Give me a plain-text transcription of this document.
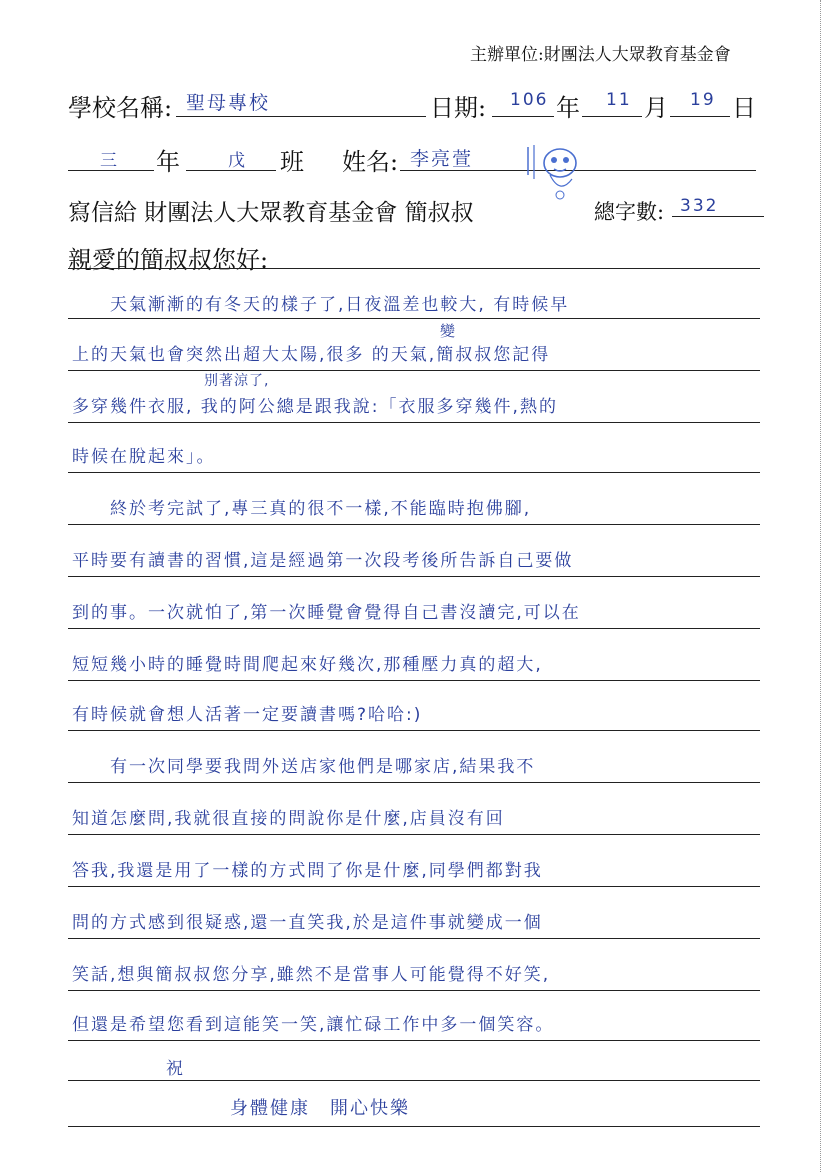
主辦單位:財團法人大眾教育基金會
學校名稱: 聖母專校	日期: 106 年 11 月 19 日
三 年	戊 班 姓名: 李亮萱
寫信給 財團法人大眾教育基金會 簡叔叔	總字數: 332
親愛的簡叔叔您好:
變
別著涼了,
　　天氣漸漸的有冬天的樣子了,日夜溫差也較大, 有時候早
上的天氣也會突然出超大太陽,很多 的天氣,簡叔叔您記得
多穿幾件衣服, 我的阿公總是跟我說:「衣服多穿幾件,熱的
時候在脫起來」。
　　終於考完試了,專三真的很不一樣,不能臨時抱佛腳,
平時要有讀書的習慣,這是經過第一次段考後所告訴自己要做
到的事。一次就怕了,第一次睡覺會覺得自己書沒讀完,可以在
短短幾小時的睡覺時間爬起來好幾次,那種壓力真的超大,
有時候就會想人活著一定要讀書嗎?哈哈:)
　　有一次同學要我問外送店家他們是哪家店,結果我不
知道怎麼問,我就很直接的問說你是什麼,店員沒有回
答我,我還是用了一樣的方式問了你是什麼,同學們都對我
問的方式感到很疑惑,還一直笑我,於是這件事就變成一個
笑話,想與簡叔叔您分享,雖然不是當事人可能覺得不好笑,
但還是希望您看到這能笑一笑,讓忙碌工作中多一個笑容。
祝
身體健康　開心快樂
